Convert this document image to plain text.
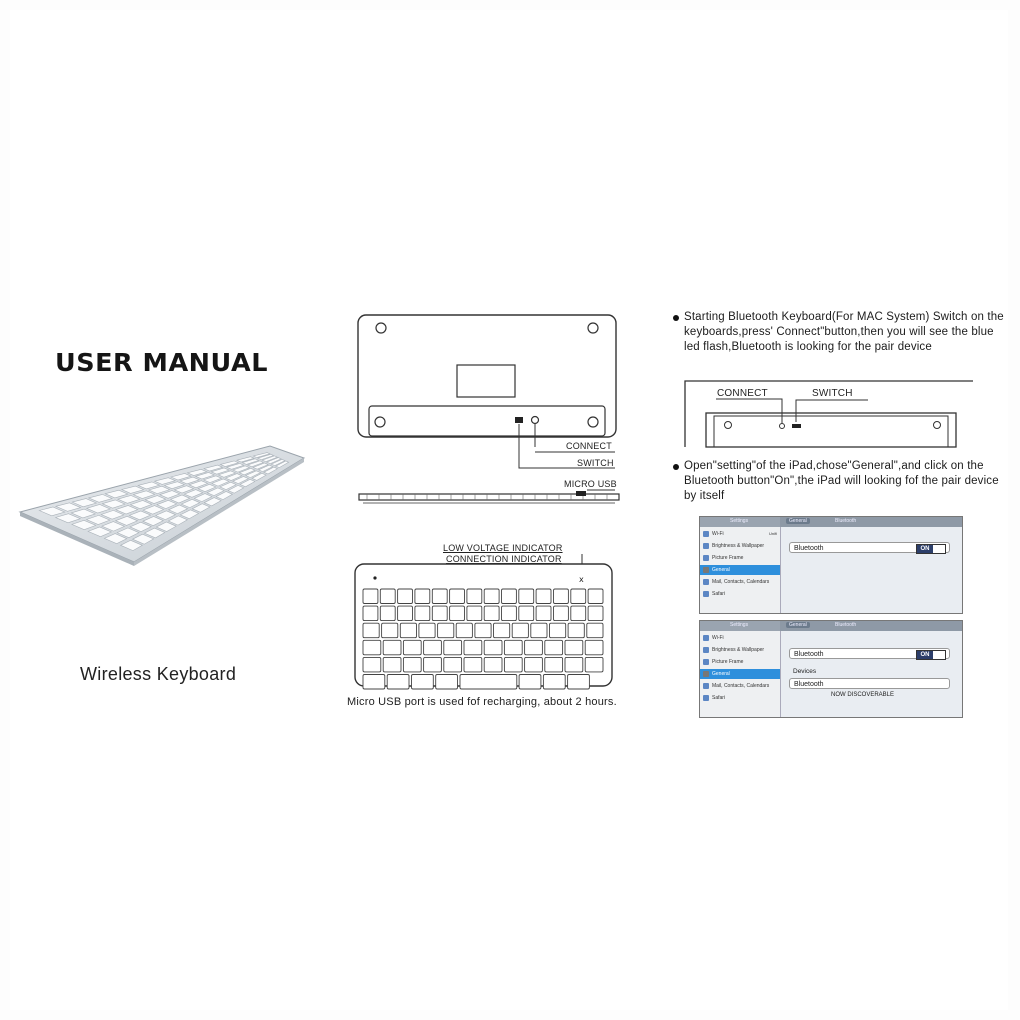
USER MANUAL
Wireless Keyboard
CONNECT
SWITCH
MICRO USB
LOW VOLTAGE INDICATOR
CONNECTION INDICATOR
x
Micro USB port is used fof recharging, about 2 hours.
Starting Bluetooth Keyboard(For MAC System) Switch on the keyboards,press' Connect"button,then you will see the blue led flash,Bluetooth is looking for the pair device
CONNECT	SWITCH
Open"setting"of the iPad,chose"General",and click on the Bluetooth button"On",the iPad will looking fof the pair device by itself
Settings	General	Bluetooth
Wi-Fi	Unifi
Brightness & Wallpaper
Picture Frame
General
Mail, Contacts, Calendars
Safari
Bluetooth	ON
Settings	General	Bluetooth
Wi-Fi
Brightness & Wallpaper
Picture Frame
General
Mail, Contacts, Calendars
Safari
Bluetooth	ON
Devices
Bluetooth
NOW DISCOVERABLE
